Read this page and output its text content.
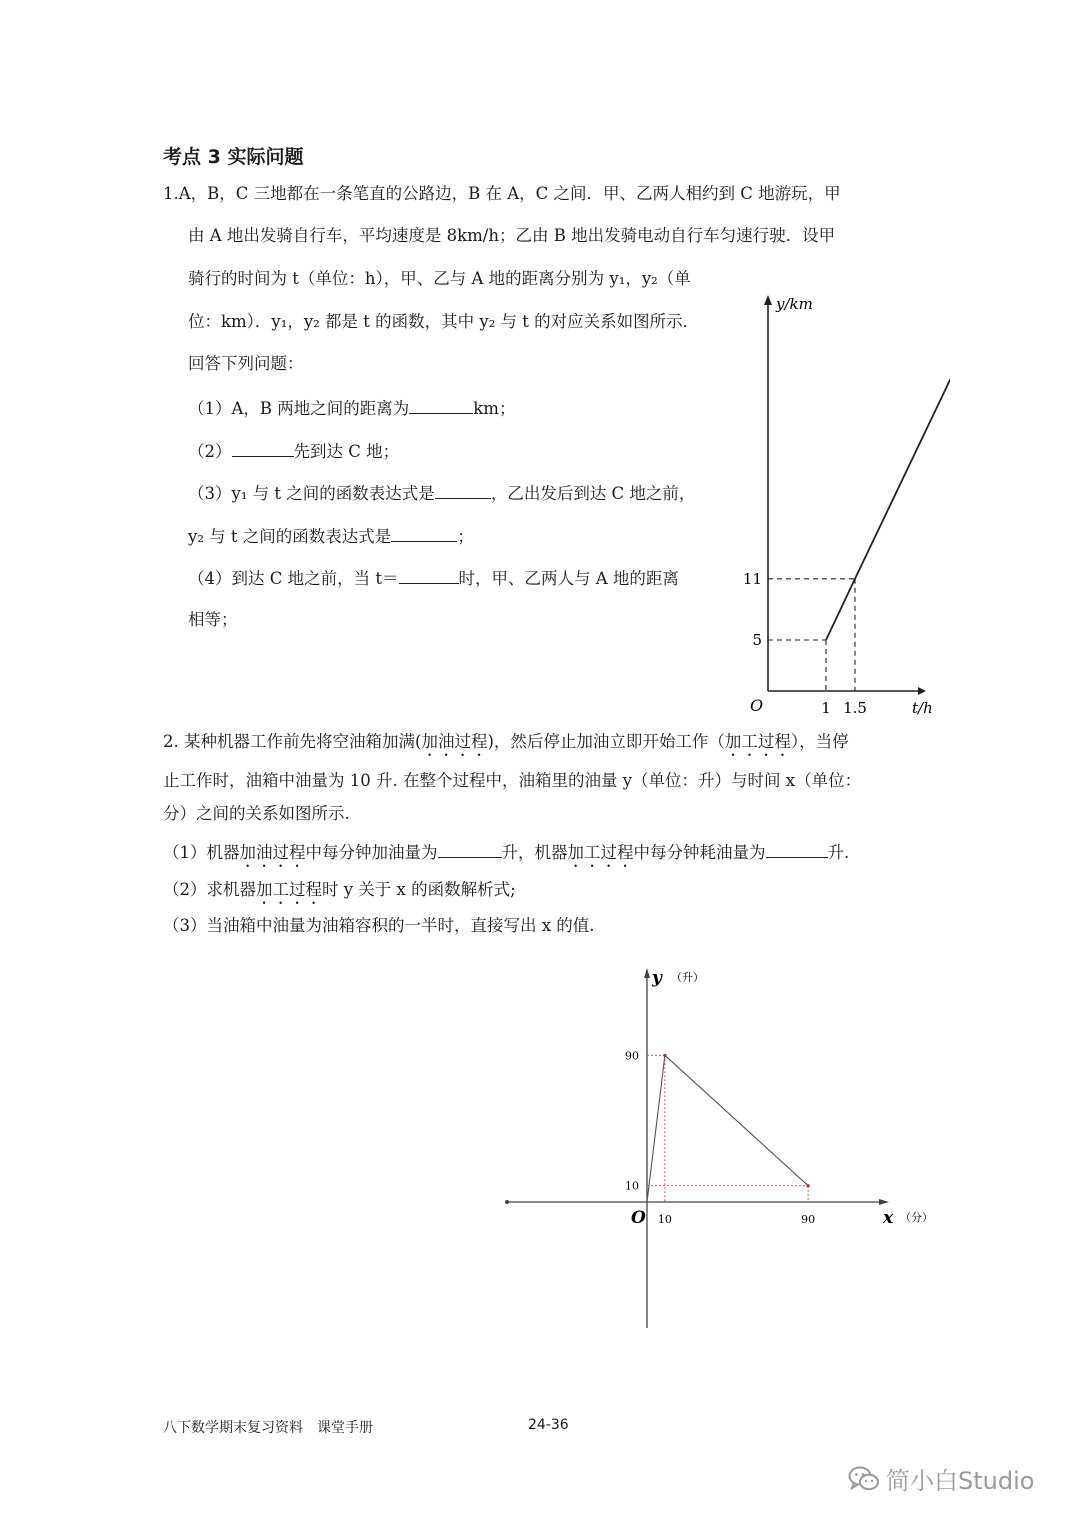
考点 3 实际问题
1.A，B，C 三地都在一条笔直的公路边，B 在 A，C 之间．甲、乙两人相约到 C 地游玩，甲
由 A 地出发骑自行车，平均速度是 8km/h；乙由 B 地出发骑电动自行车匀速行驶．设甲
骑行的时间为 t（单位：h），甲、乙与 A 地的距离分别为 y₁，y₂（单
位：km）．y₁，y₂ 都是 t 的函数，其中 y₂ 与 t 的对应关系如图所示．
回答下列问题：
（1）A，B 两地之间的距离为	km；
（2）	先到达 C 地；
（3）y₁ 与 t 之间的函数表达式是	，乙出发后到达 C 地之前，
y₂ 与 t 之间的函数表达式是	；
（4）到达 C 地之前，当 t＝	时，甲、乙两人与 A 地的距离
相等；
y/km
t/h
O	1 1.5
5
11
2. 某种机器工作前先将空油箱加满(加油过程)，然后停止加油立即开始工作（加工过程），当停
止工作时，油箱中油量为 10 升. 在整个过程中，油箱里的油量 y（单位：升）与时间 x（单位：
分）之间的关系如图所示.
（1）机器加油过程中每分钟加油量为	升，机器加工过程中每分钟耗油量为	升.
（2）求机器加工过程时 y 关于 x 的函数解析式;
（3）当油箱中油量为油箱容积的一半时，直接写出 x 的值.
y （升）
x （分）
O 10	90
90
10
八下数学期末复习资料　课堂手册	24-36
简小白Studio
